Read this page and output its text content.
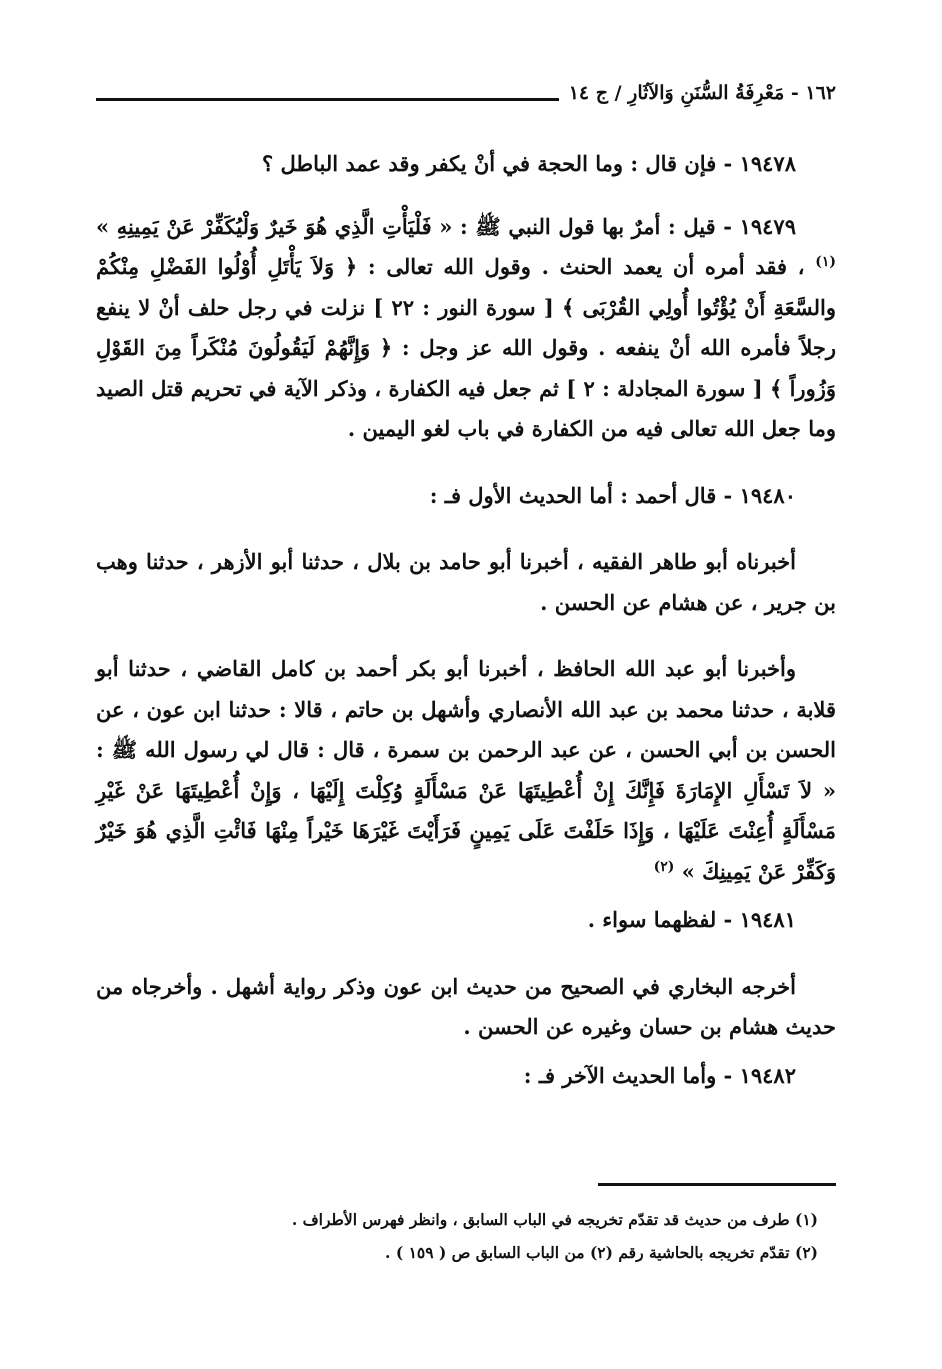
١٦٢ - مَعْرِفَةُ السُّنَنِ وَالآثَارِ / ج ١٤

١٩٤٧٨ - فإن قال : وما الحجة في أنْ يكفر وقد عمد الباطل ؟

١٩٤٧٩ - قيل : أمرٌ بها قول النبي ﷺ : « فَلْيَأْتِ الَّذِي هُوَ خَيرٌ وَلْيُكَفِّرْ عَنْ يَمِينِهِ » $^{(١)}$ ، فقد أمره أن يعمد الحنث . وقول الله تعالى : ﴿ وَلاَ يَأْتَلِ أُوْلُوا الفَضْلِ مِنْكُمْ والسَّعَةِ أَنْ يُؤْتُوا أُولِي القُرْبَى ﴾ [ سورة النور : ٢٢ ] نزلت في رجل حلف أنْ لا ينفع رجلاً فأمره الله أنْ ينفعه . وقول الله عز وجل : ﴿ وَإِنَّهُمْ لَيَقُولُونَ مُنْكَراً مِنَ القَوْلِ وَزُوراً ﴾ [ سورة المجادلة : ٢ ] ثم جعل فيه الكفارة ، وذكر الآية في تحريم قتل الصيد وما جعل الله تعالى فيه من الكفارة في باب لغو اليمين .

١٩٤٨٠ - قال أحمد : أما الحديث الأول فـ :

أخبرناه أبو طاهر الفقيه ، أخبرنا أبو حامد بن بلال ، حدثنا أبو الأزهر ، حدثنا وهب بن جرير ، عن هشام عن الحسن .

وأخبرنا أبو عبد الله الحافظ ، أخبرنا أبو بكر أحمد بن كامل القاضي ، حدثنا أبو قلابة ، حدثنا محمد بن عبد الله الأنصاري وأشهل بن حاتم ، قالا : حدثنا ابن عون ، عن الحسن بن أبي الحسن ، عن عبد الرحمن بن سمرة ، قال : قال لي رسول الله ﷺ : « لاَ تَسْأَلِ الإِمَارَةَ فَإِنَّكَ إِنْ أُعْطِيتَهَا عَنْ مَسْأَلَةٍ وُكِلْتَ إِلَيْهَا ، وَإِنْ أُعْطِيتَهَا عَنْ غَيْرِ مَسْأَلَةٍ أُعِنْتَ عَلَيْهَا ، وَإِذَا حَلَفْتَ عَلَى يَمِينٍ فَرَأَيْتَ غَيْرَهَا خَيْراً مِنْهَا فَائْتِ الَّذِي هُوَ خَيْرٌ وَكَفِّرْ عَنْ يَمِينِكَ » $^{(٢)}$

١٩٤٨١ - لفظهما سواء .

أخرجه البخاري في الصحيح من حديث ابن عون وذكر رواية أشهل . وأخرجاه من حديث هشام بن حسان وغيره عن الحسن .

١٩٤٨٢ - وأما الحديث الآخر فـ :

(١) طرف من حديث قد تقدّم تخريجه في الباب السابق ، وانظر فهرس الأطراف .
(٢) تقدّم تخريجه بالحاشية رقم (٢) من الباب السابق ص ( ١٥٩ ) .
